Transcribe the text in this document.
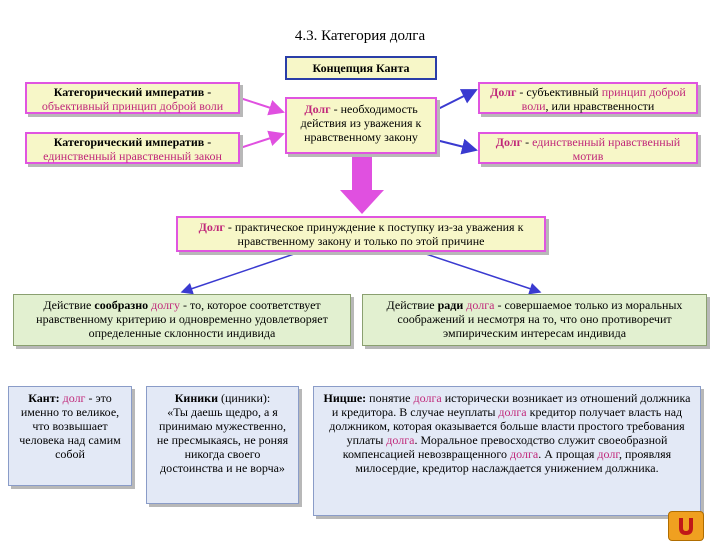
4.3. Категория долга
Концепция Канта
Категорический императив -
объективный принцип доброй воли
Категорический императив -
единственный нравственный закон
Долг - необходимость действия из уважения к нравственному закону
Долг - субъективный принцип доброй воли, или нравственности
Долг - единственный нравственный мотив
Долг - практическое принуждение к поступку из-за уважения к нравственному закону и только по этой причине
Действие сообразно долгу - то, которое соответствует нравственному критерию и одновременно удовлетворяет определенные склонности индивида
Действие ради долга - совершаемое только из моральных соображений и несмотря на то, что оно противоречит эмпирическим интересам индивида
Кант: долг - это именно то великое, что возвышает человека над самим собой
Киники (циники):
«Ты даешь щедро, а я принимаю мужественно, не пресмыкаясь, не роняя никогда своего достоинства и не ворча»
Ницше: понятие долга исторически возникает из отношений должника и кредитора. В случае неуплаты долга кредитор получает власть над должником, которая оказывается больше власти простого требования уплаты долга. Моральное превосходство служит своеобразной компенсацией невозвращенного долга. А прощая долг, проявляя милосердие, кредитор наслаждается унижением должника.
